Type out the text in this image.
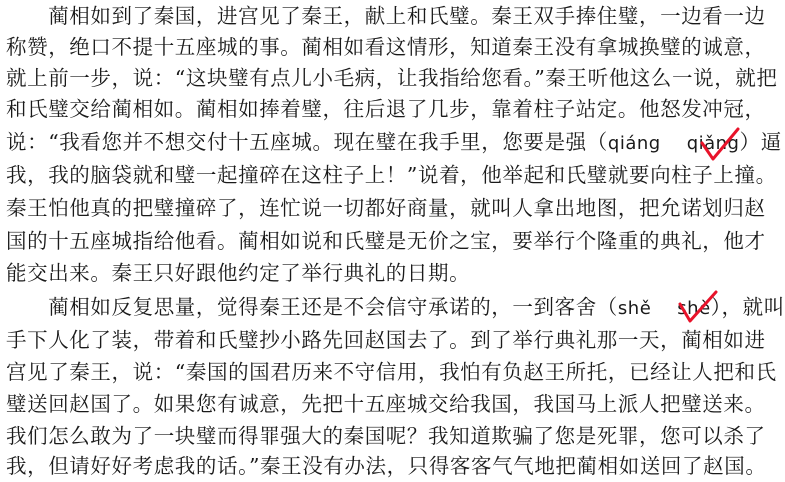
　　蔺相如到了秦国，进宫见了秦王，献上和氏璧。秦王双手捧住璧，一边看一边
称赞，绝口不提十五座城的事。蔺相如看这情形，知道秦王没有拿城换璧的诚意，
就上前一步，说：“这块璧有点儿小毛病，让我指给您看。”秦王听他这么一说，就把
和氏璧交给蔺相如。蔺相如捧着璧，往后退了几步，靠着柱子站定。他怒发冲冠，
说：“我看您并不想交付十五座城。现在璧在我手里，您要是强（qiáng qiǎng）逼
我，我的脑袋就和璧一起撞碎在这柱子上！”说着，他举起和氏璧就要向柱子上撞。
秦王怕他真的把璧撞碎了，连忙说一切都好商量，就叫人拿出地图，把允诺划归赵
国的十五座城指给他看。蔺相如说和氏璧是无价之宝，要举行个隆重的典礼，他才
能交出来。秦王只好跟他约定了举行典礼的日期。
　　蔺相如反复思量，觉得秦王还是不会信守承诺的，一到客舍（shě shè），就叫
手下人化了装，带着和氏璧抄小路先回赵国去了。到了举行典礼那一天，蔺相如进
宫见了秦王，说：“秦国的国君历来不守信用，我怕有负赵王所托，已经让人把和氏
璧送回赵国了。如果您有诚意，先把十五座城交给我国，我国马上派人把璧送来。
我们怎么敢为了一块璧而得罪强大的秦国呢？我知道欺骗了您是死罪，您可以杀了
我，但请好好考虑我的话。”秦王没有办法，只得客客气气地把蔺相如送回了赵国。
